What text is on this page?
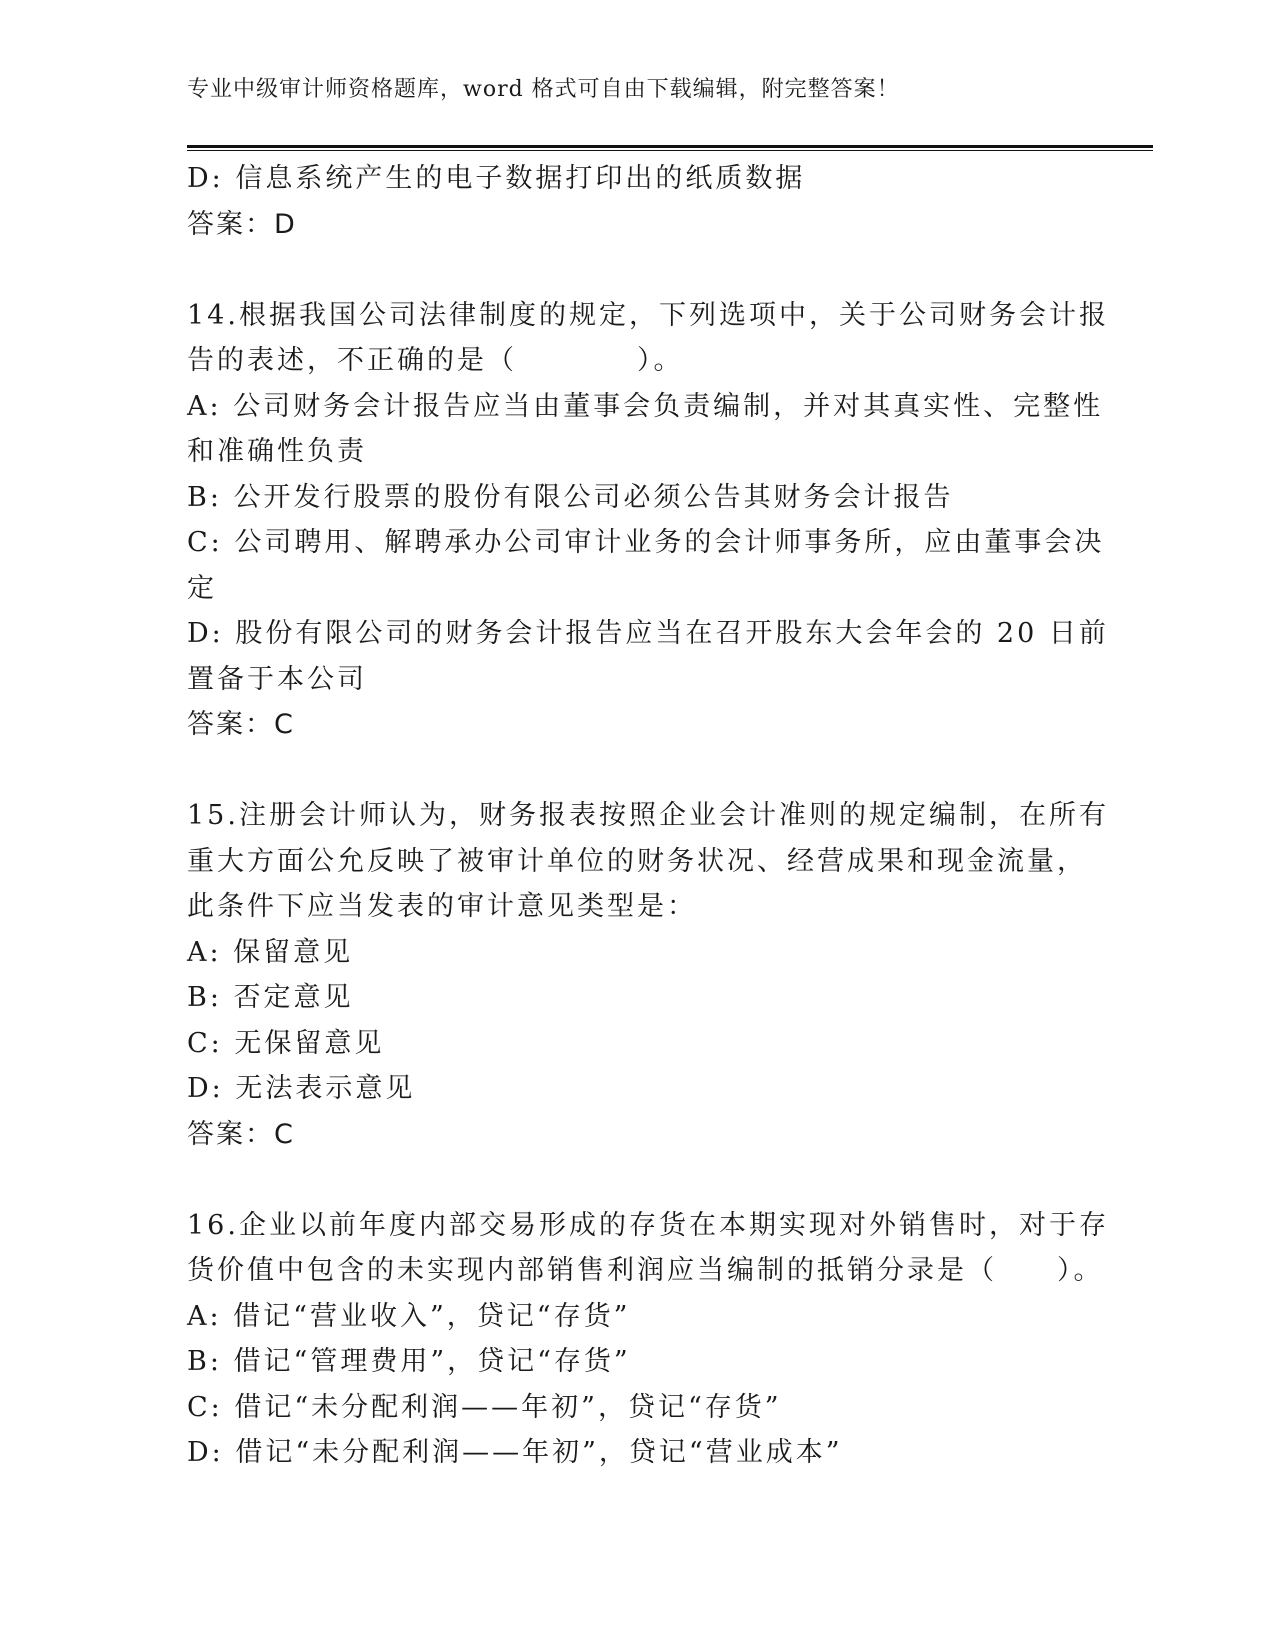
专业中级审计师资格题库，word 格式可自由下载编辑，附完整答案！
D: 信息系统产生的电子数据打印出的纸质数据
答案：D
14.根据我国公司法律制度的规定，下列选项中，关于公司财务会计报
告的表述，不正确的是（　　　　）。
A: 公司财务会计报告应当由董事会负责编制，并对其真实性、完整性
和准确性负责
B: 公开发行股票的股份有限公司必须公告其财务会计报告
C: 公司聘用、解聘承办公司审计业务的会计师事务所，应由董事会决
定
D: 股份有限公司的财务会计报告应当在召开股东大会年会的 20 日前
置备于本公司
答案：C
15.注册会计师认为，财务报表按照企业会计准则的规定编制，在所有
重大方面公允反映了被审计单位的财务状况、经营成果和现金流量，
此条件下应当发表的审计意见类型是：
A: 保留意见
B: 否定意见
C: 无保留意见
D: 无法表示意见
答案：C
16.企业以前年度内部交易形成的存货在本期实现对外销售时，对于存
货价值中包含的未实现内部销售利润应当编制的抵销分录是（　　）。
A: 借记“营业收入”，贷记“存货”
B: 借记“管理费用”，贷记“存货”
C: 借记“未分配利润——年初”，贷记“存货”
D: 借记“未分配利润——年初”，贷记“营业成本”
